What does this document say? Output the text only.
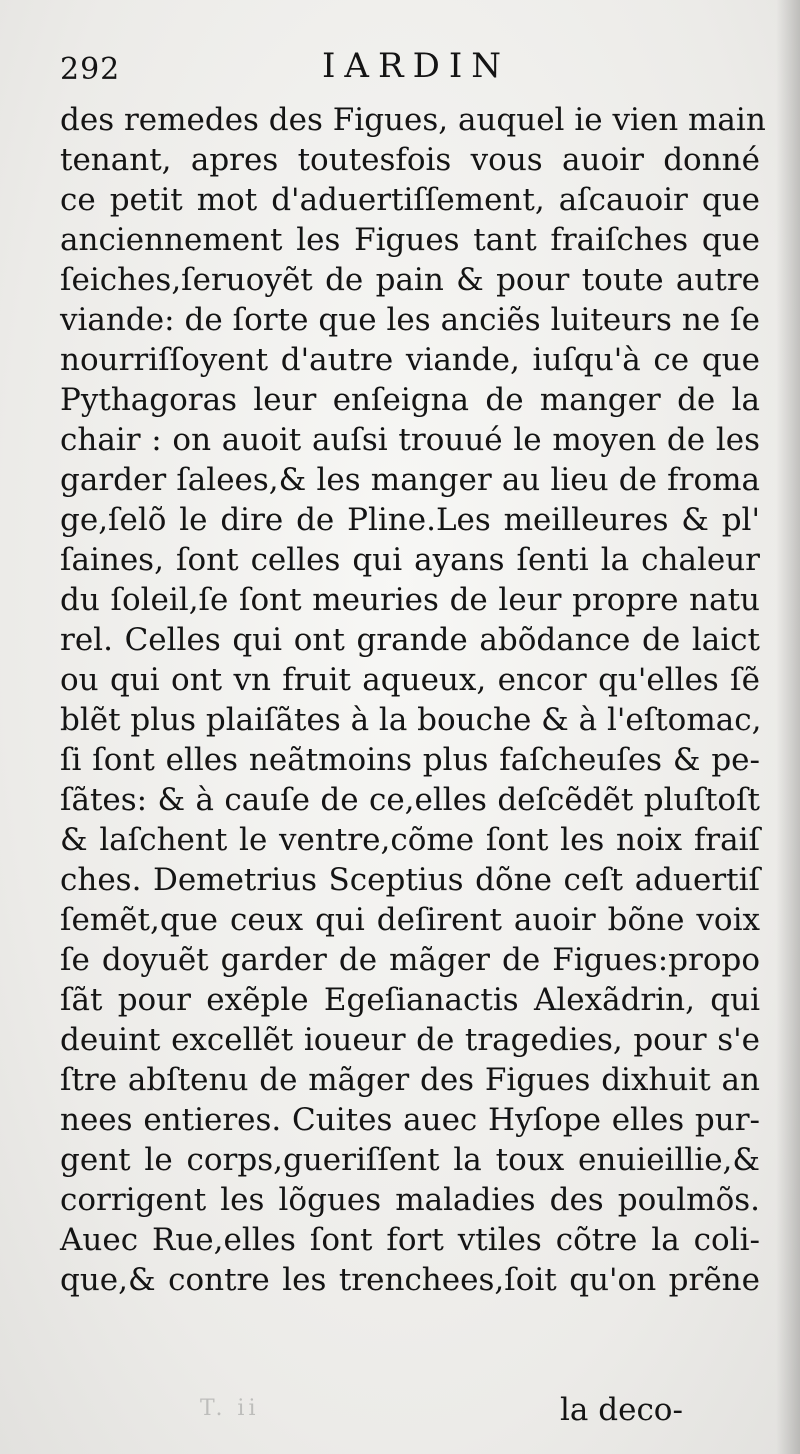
292	IARDIN
des remedes des Figues, auquel ie vien main
tenant, apres toutesfois vous auoir donné
ce petit mot d'aduertiſſement, aſcauoir que
anciennement les Figues tant fraiſches que
ſeiches,ſeruoyẽt de pain & pour toute autre
viande: de ſorte que les anciẽs luiteurs ne ſe
nourriſſoyent d'autre viande, iuſqu'à ce que
Pythagoras leur enſeigna de manger de la
chair : on auoit auſsi trouué le moyen de les
garder ſalees,& les manger au lieu de froma
ge,ſelõ le dire de Pline.Les meilleures & pl'
ſaines, ſont celles qui ayans ſenti la chaleur
du ſoleil,ſe ſont meuries de leur propre natu
rel. Celles qui ont grande abõdance de laict
ou qui ont vn fruit aqueux, encor qu'elles ſẽ
blẽt plus plaiſãtes à la bouche & à l'eſtomac,
ſi ſont elles neãtmoins plus faſcheuſes & pe-
ſãtes: & à cauſe de ce,elles deſcẽdẽt pluſtoſt
& laſchent le ventre,cõme ſont les noix fraiſ
ches. Demetrius Sceptius dõne ceſt aduertiſ
ſemẽt,que ceux qui deſirent auoir bõne voix
ſe doyuẽt garder de mãger de Figues:propo
ſãt pour exẽple Egeſianactis Alexãdrin, qui
deuint excellẽt ioueur de tragedies, pour s'e
ſtre abſtenu de mãger des Figues dixhuit an
nees entieres. Cuites auec Hyſope elles pur-
gent le corps,gueriſſent la toux enuieillie,&
corrigent les lõgues maladies des poulmõs.
Auec Rue,elles ſont fort vtiles cõtre la coli-
que,& contre les trenchees,ſoit qu'on prẽne
T. ii	la deco-
